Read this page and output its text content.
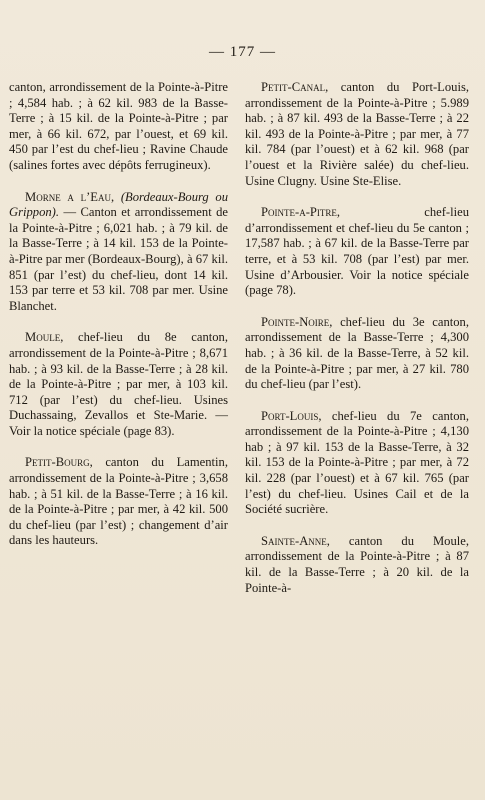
— 177 —
canton, arrondissement de la Pointe-à-Pitre ; 4,584 hab. ; à 62 kil. 983 de la Basse-Terre ; à 15 kil. de la Pointe-à-Pitre ; par mer, à 66 kil. 672, par l’ouest, et 69 kil. 450 par l’est du chef-lieu ; Ravine Chaude (salines fortes avec dépôts ferrugineux).
Morne a l’Eau, (Bordeaux-Bourg ou Grippon). — Canton et arrondissement de la Pointe-à-Pitre ; 6,021 hab. ; à 79 kil. de la Basse-Terre ; à 14 kil. 153 de la Pointe-à-Pitre par mer (Bordeaux-Bourg), à 67 kil. 851 (par l’est) du chef-lieu, dont 14 kil. 153 par terre et 53 kil. 708 par mer. Usine Blanchet.
Moule, chef-lieu du 8e canton, arrondissement de la Pointe-à-Pitre ; 8,671 hab. ; à 93 kil. de la Basse-Terre ; à 28 kil. de la Pointe-à-Pitre ; par mer, à 103 kil. 712 (par l’est) du chef-lieu. Usines Duchassaing, Zevallos et Ste-Marie. — Voir la notice spéciale (page 83).
Petit-Bourg, canton du Lamentin, arrondissement de la Pointe-à-Pitre ; 3,658 hab. ; à 51 kil. de la Basse-Terre ; à 16 kil. de la Pointe-à-Pitre ; par mer, à 42 kil. 500 du chef-lieu (par l’est) ; changement d’air dans les hauteurs.
Petit-Canal, canton du Port-Louis, arrondissement de la Pointe-à-Pitre ; 5.989 hab. ; à 87 kil. 493 de la Basse-Terre ; à 22 kil. 493 de la Pointe-à-Pitre ; par mer, à 77 kil. 784 (par l’ouest) et à 62 kil. 968 (par l’ouest et la Rivière salée) du chef-lieu. Usine Clugny. Usine Ste-Elise.
Pointe-a-Pitre,	chef-lieu d’arrondissement et chef-lieu du 5e canton ; 17,587 hab. ; à 67 kil. de la Basse-Terre par terre, et à 53 kil. 708 (par l’est) par mer. Usine d’Arbousier. Voir la notice spéciale (page 78).
Pointe-Noire, chef-lieu du 3e canton, arrondissement de la Basse-Terre ; 4,300 hab. ; à 36 kil. de la Basse-Terre, à 52 kil. de la Pointe-à-Pitre ; par mer, à 27 kil. 780 du chef-lieu (par l’est).
Port-Louis, chef-lieu du 7e canton, arrondissement de la Pointe-à-Pitre ; 4,130 hab ; à 97 kil. 153 de la Basse-Terre, à 32 kil. 153 de la Pointe-à-Pitre ; par mer, à 72 kil. 228 (par l’ouest) et à 67 kil. 765 (par l’est) du chef-lieu. Usines Cail et de la Société sucrière.
Sainte-Anne, canton du Moule, arrondissement de la Pointe-à-Pitre ; à 87 kil. de la Basse-Terre ; à 20 kil. de la Pointe-à-
